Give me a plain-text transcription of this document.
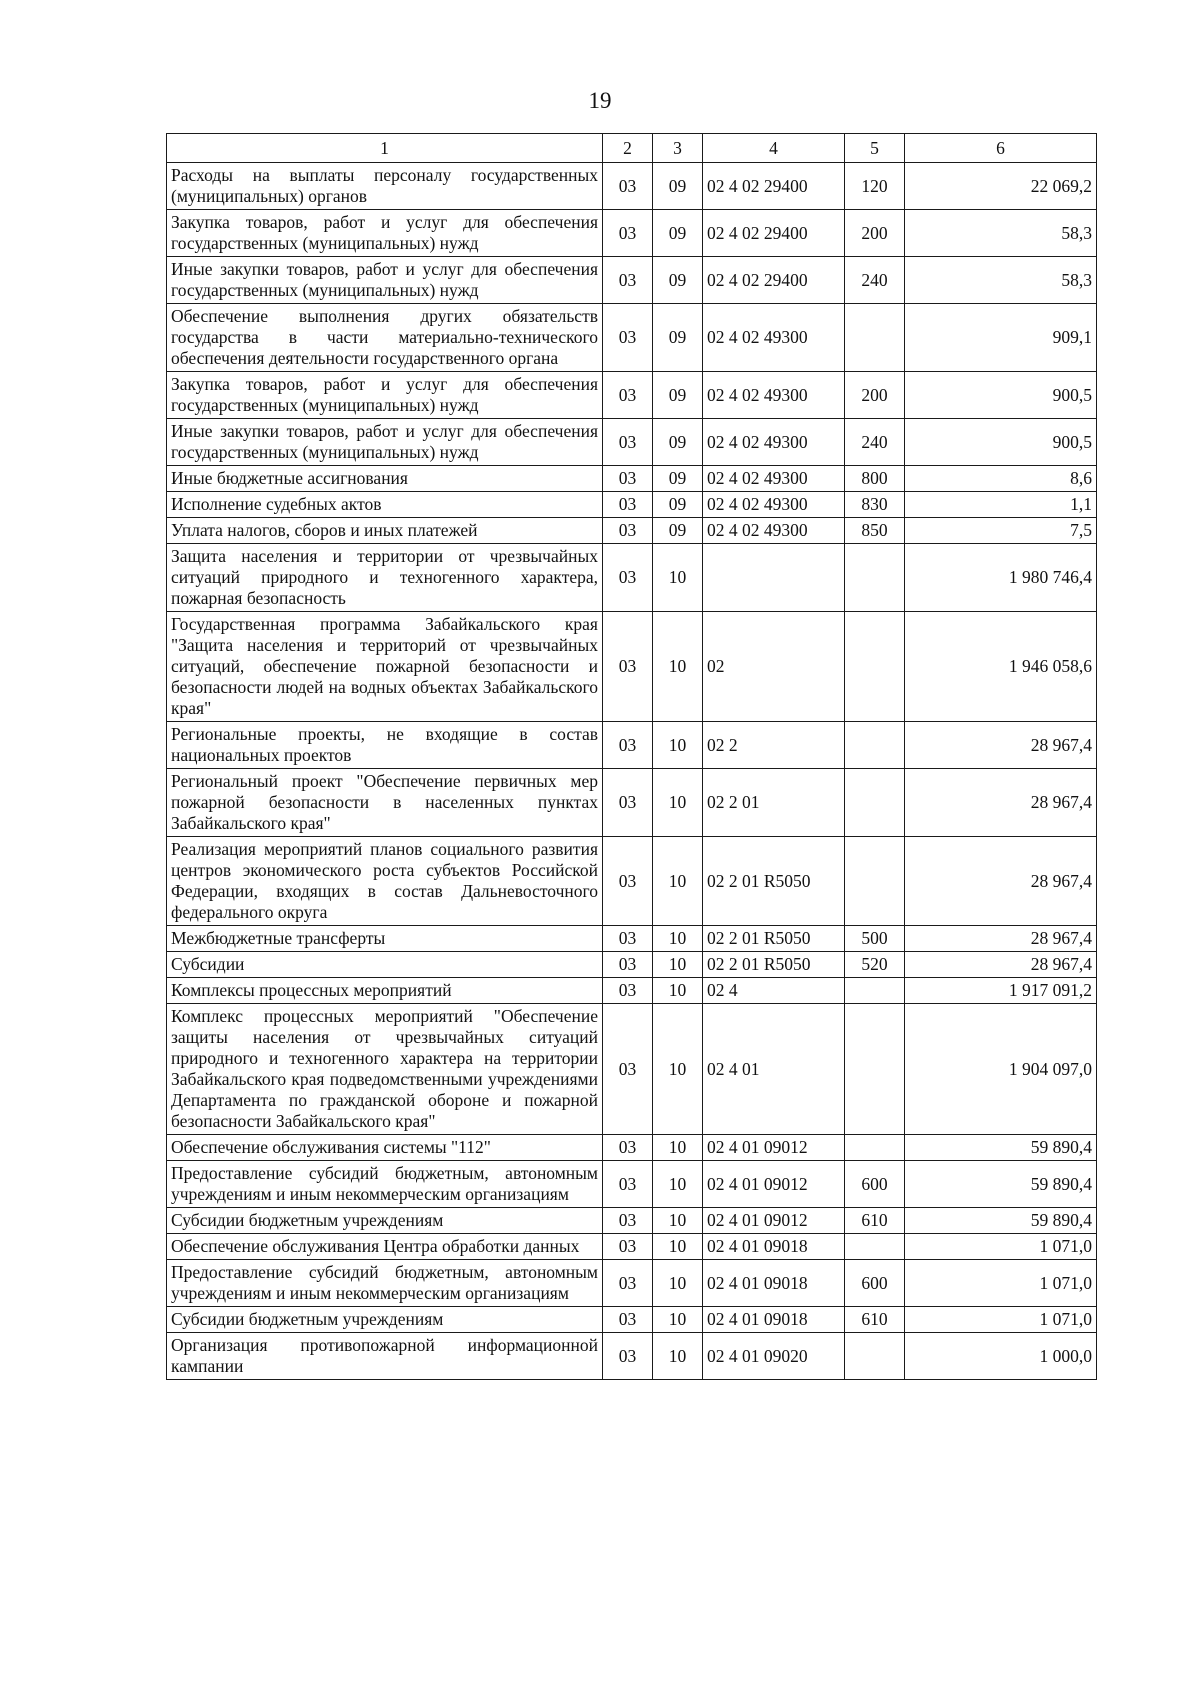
19
1	2	3	4	5	6
Расходы на выплаты персоналу государственных (муниципальных) органов	03	09	02 4 02 29400	120	22 069,2
Закупка товаров, работ и услуг для обеспечения государственных (муниципальных) нужд	03	09	02 4 02 29400	200	58,3
Иные закупки товаров, работ и услуг для обеспечения государственных (муниципальных) нужд	03	09	02 4 02 29400	240	58,3
Обеспечение выполнения других обязательств государства в части материально-технического обеспечения деятельности государственного органа	03	09	02 4 02 49300		909,1
Закупка товаров, работ и услуг для обеспечения государственных (муниципальных) нужд	03	09	02 4 02 49300	200	900,5
Иные закупки товаров, работ и услуг для обеспечения государственных (муниципальных) нужд	03	09	02 4 02 49300	240	900,5
Иные бюджетные ассигнования	03	09	02 4 02 49300	800	8,6
Исполнение судебных актов	03	09	02 4 02 49300	830	1,1
Уплата налогов, сборов и иных платежей	03	09	02 4 02 49300	850	7,5
Защита населения и территории от чрезвычайных ситуаций природного и техногенного характера, пожарная безопасность	03	10			1 980 746,4
Государственная программа Забайкальского края "Защита населения и территорий от чрезвычайных ситуаций, обеспечение пожарной безопасности и безопасности людей на водных объектах Забайкальского края"	03	10	02		1 946 058,6
Региональные проекты, не входящие в состав национальных проектов	03	10	02 2		28 967,4
Региональный проект "Обеспечение первичных мер пожарной безопасности в населенных пунктах Забайкальского края"	03	10	02 2 01		28 967,4
Реализация мероприятий планов социального развития центров экономического роста субъектов Российской Федерации, входящих в состав Дальневосточного федерального округа	03	10	02 2 01 R5050		28 967,4
Межбюджетные трансферты	03	10	02 2 01 R5050	500	28 967,4
Субсидии	03	10	02 2 01 R5050	520	28 967,4
Комплексы процессных мероприятий	03	10	02 4		1 917 091,2
Комплекс процессных мероприятий "Обеспечение защиты населения от чрезвычайных ситуаций природного и техногенного характера на территории Забайкальского края подведомственными учреждениями Департамента по гражданской обороне и пожарной безопасности Забайкальского края"	03	10	02 4 01		1 904 097,0
Обеспечение обслуживания системы "112"	03	10	02 4 01 09012		59 890,4
Предоставление субсидий бюджетным, автономным учреждениям и иным некоммерческим организациям	03	10	02 4 01 09012	600	59 890,4
Субсидии бюджетным учреждениям	03	10	02 4 01 09012	610	59 890,4
Обеспечение обслуживания Центра обработки данных	03	10	02 4 01 09018		1 071,0
Предоставление субсидий бюджетным, автономным учреждениям и иным некоммерческим организациям	03	10	02 4 01 09018	600	1 071,0
Субсидии бюджетным учреждениям	03	10	02 4 01 09018	610	1 071,0
Организация противопожарной информационной кампании	03	10	02 4 01 09020		1 000,0
